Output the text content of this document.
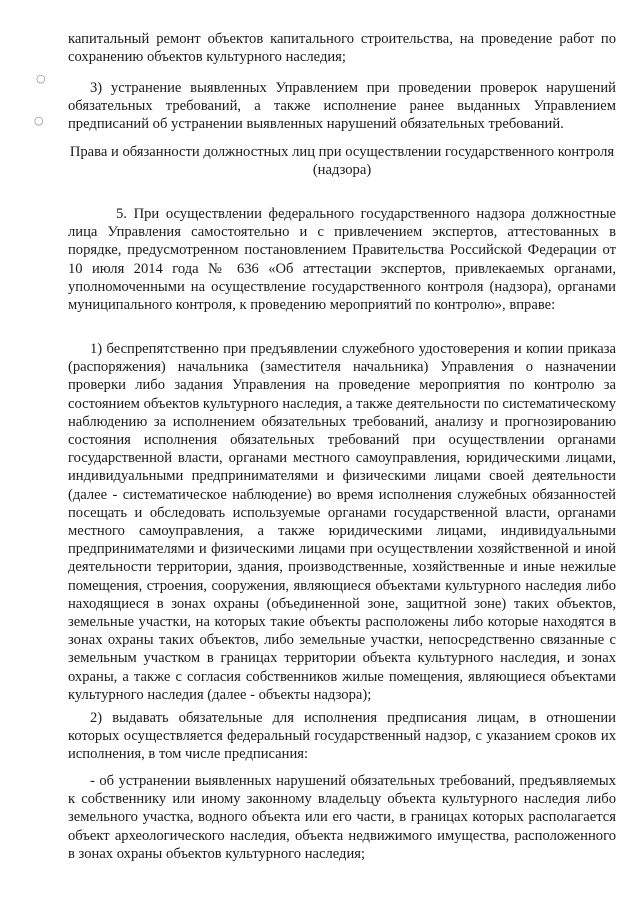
○
○

капитальный ремонт объектов капитального строительства, на проведение работ по сохранению объектов культурного наследия;

3) устранение выявленных Управлением при проведении проверок нарушений обязательных требований, а также исполнение ранее выданных Управлением предписаний об устранении выявленных нарушений обязательных требований.

Права и обязанности должностных лиц при осуществлении государственного контроля (надзора)

5. При осуществлении федерального государственного надзора должностные лица Управления самостоятельно и с привлечением экспертов, аттестованных в порядке, предусмотренном постановлением Правительства Российской Федерации от 10 июля 2014 года № 636 «Об аттестации экспертов, привлекаемых органами, уполномоченными на осуществление государственного контроля (надзора), органами муниципального контроля, к проведению мероприятий по контролю», вправе:

1) беспрепятственно при предъявлении служебного удостоверения и копии приказа (распоряжения) начальника (заместителя начальника) Управления о назначении проверки либо задания Управления на проведение мероприятия по контролю за состоянием объектов культурного наследия, а также деятельности по систематическому наблюдению за исполнением обязательных требований, анализу и прогнозированию состояния исполнения обязательных требований при осуществлении органами государственной власти, органами местного самоуправления, юридическими лицами, индивидуальными предпринимателями и физическими лицами своей деятельности (далее - систематическое наблюдение) во время исполнения служебных обязанностей посещать и обследовать используемые органами государственной власти, органами местного самоуправления, а также юридическими лицами, индивидуальными предпринимателями и физическими лицами при осуществлении хозяйственной и иной деятельности территории, здания, производственные, хозяйственные и иные нежилые помещения, строения, сооружения, являющиеся объектами культурного наследия либо находящиеся в зонах охраны (объединенной зоне, защитной зоне) таких объектов, земельные участки, на которых такие объекты расположены либо которые находятся в зонах охраны таких объектов, либо земельные участки, непосредственно связанные с земельным участком в границах территории объекта культурного наследия, и зонах охраны, а также с согласия собственников жилые помещения, являющиеся объектами культурного наследия (далее - объекты надзора);

2) выдавать обязательные для исполнения предписания лицам, в отношении которых осуществляется федеральный государственный надзор, с указанием сроков их исполнения, в том числе предписания:

- об устранении выявленных нарушений обязательных требований, предъявляемых к собственнику или иному законному владельцу объекта культурного наследия либо земельного участка, водного объекта или его части, в границах которых располагается объект археологического наследия, объекта недвижимого имущества, расположенного в зонах охраны объектов культурного наследия;
